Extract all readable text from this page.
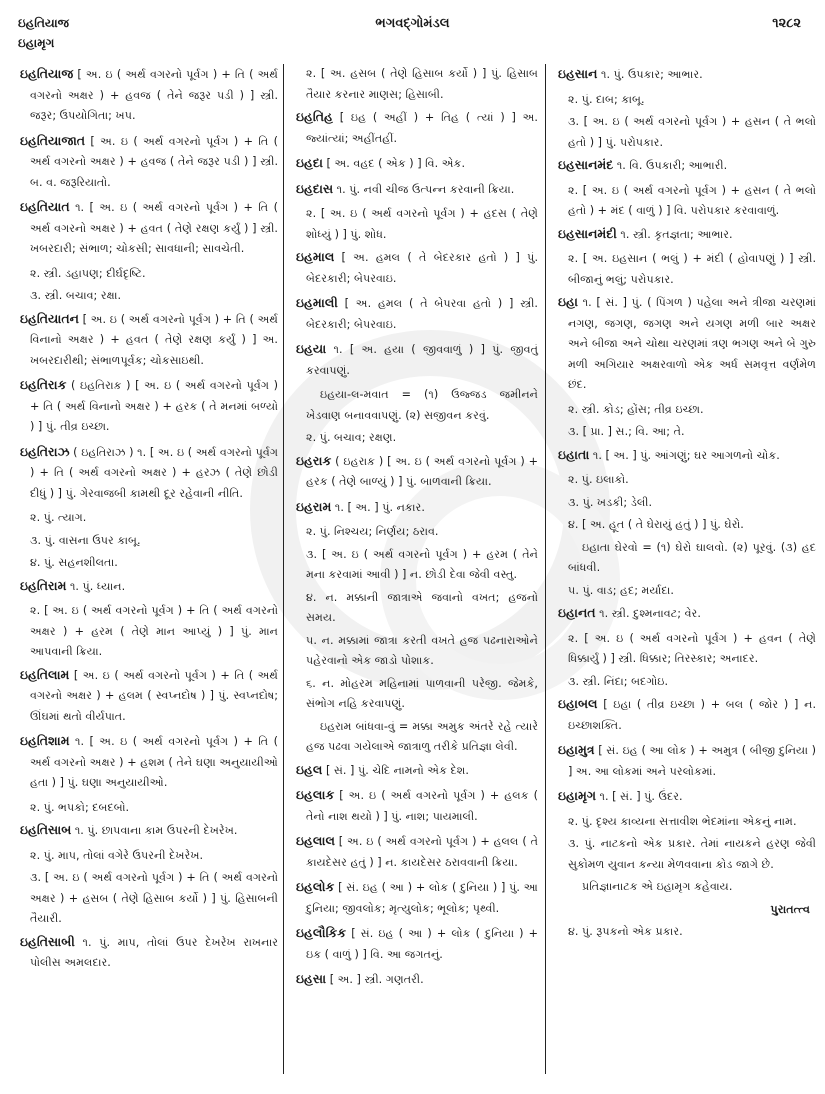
ઇહતિયાજ
ઇહામૃગ
ભગવદ્ગોમંડલ	૧૨૮૨
ઇહતિયાજ [ અ. ઇ ( અર્થ વગરનો પૂર્વગ ) + તિ ( અર્થ વગરનો અક્ષર ) + હવજ ( તેને જરૂર પડી ) ] સ્ત્રી. જરૂર; ઉપયોગિતા; ખપ.
ઇહતિયાજાત [ અ. ઇ ( અર્થ વગરનો પૂર્વગ ) + તિ ( અર્થ વગરનો અક્ષર ) + હવજ ( તેને જરૂર પડી ) ] સ્ત્રી. બ. વ. જરૂરિયાતો.
ઇહતિયાત ૧. [ અ. ઇ ( અર્થ વગરનો પૂર્વગ ) + તિ ( અર્થ વગરનો અક્ષર ) + હવત ( તેણે રક્ષણ કર્યું ) ] સ્ત્રી. ખબરદારી; સંભાળ; ચોકસી; સાવધાની; સાવચેતી.
૨. સ્ત્રી. ડહાપણ; દીર્ઘદૃષ્ટિ.
૩. સ્ત્રી. બચાવ; રક્ષા.
ઇહતિયાતન [ અ. ઇ ( અર્થ વગરનો પૂર્વગ ) + તિ ( અર્થ વિનાનો અક્ષર ) + હવત ( તેણે રક્ષણ કર્યું ) ] અ. ખબરદારીથી; સંભાળપૂર્વક; ચોકસાઇથી.
ઇહતિરાક ( ઇહતિરાક઼ ) [ અ. ઇ ( અર્થ વગરનો પૂર્વગ ) + તિ ( અર્થ વિનાનો અક્ષર ) + હરક ( તે મનમાં બળ્યો ) ] પું. તીવ્ર ઇચ્છા.
ઇહતિરાઝ ( ઇહતિરાઝ ) ૧. [ અ. ઇ ( અર્થ વગરનો પૂર્વગ ) + તિ ( અર્થ વગરનો અક્ષર ) + હરઝ ( તેણે છોડી દીધું ) ] પું. ગેરવાજબી કામથી દૂર રહેવાની નીતિ.
૨. પું. ત્યાગ.
૩. પું. વાસના ઉપર કાબૂ.
૪. પું. સહનશીલતા.
ઇહતિરામ ૧. પું. ધ્યાન.
૨. [ અ. ઇ ( અર્થ વગરનો પૂર્વગ ) + તિ ( અર્થ વગરનો અક્ષર ) + હરમ ( તેણે માન આપ્યું ) ] પું. માન આપવાની ક્રિયા.
ઇહતિલામ [ અ. ઇ ( અર્થ વગરનો પૂર્વગ ) + તિ ( અર્થ વગરનો અક્ષર ) + હલમ ( સ્વપ્નદોષ ) ] પું. સ્વપ્નદોષ; ઊંઘમાં થતો વીર્યપાત.
ઇહતિશામ ૧. [ અ. ઇ ( અર્થ વગરનો પૂર્વગ ) + તિ ( અર્થ વગરનો અક્ષર ) + હશમ ( તેને ઘણા અનુયાયીઓ હતા ) ] પું. ઘણા અનુયાયીઓ.
૨. પું. ભપકો; દબદબો.
ઇહતિસાબ ૧. પું. છાપવાના કામ ઉપરની દેખરેખ.
૨. પું. માપ, તોલાં વગેરે ઉપરની દેખરેખ.
૩. [ અ. ઇ ( અર્થ વગરનો પૂર્વગ ) + તિ ( અર્થ વગરનો અક્ષર ) + હસબ ( તેણે હિસાબ કર્યો ) ] પું. હિસાબની તૈયારી.
ઇહતિસાબી ૧. પું. માપ, તોલાં ઉપર દેખરેખ રાખનાર પોલીસ અમલદાર.
૨. [ અ. હસબ ( તેણે હિસાબ કર્યો ) ] પું. હિસાબ તૈયાર કરનાર માણસ; હિસાબી.
ઇહતિહ [ ઇહ ( અહીં ) + તિહ ( ત્યાં ) ] અ. જ્યાંત્યાં; અહીંતહીં.
ઇહદા [ અ. વહદ ( એક ) ] વિ. એક.
ઇહદાસ ૧. પું. નવી ચીજ ઉત્પન્ન કરવાની ક્રિયા.
૨. [ અ. ઇ ( અર્થ વગરનો પૂર્વગ ) + હદસ ( તેણે શોધ્યું ) ] પું. શોધ.
ઇહમાલ [ અ. હમલ ( તે બેદરકાર હતો ) ] પું. બેદરકારી; બેપરવાઇ.
ઇહમાલી [ અ. હમલ ( તે બેપરવા હતો ) ] સ્ત્રી. બેદરકારી; બેપરવાઇ.
ઇહયા ૧. [ અ. હયા ( જીવવાળું ) ] પું. જીવતું કરવાપણું.
ઇહયા-લ-મવાત = (૧) ઉજ્જડ જમીનને ખેડવાણ બનાવવાપણું. (૨) સજીવન કરવું.
૨. પું. બચાવ; રક્ષણ.
ઇહરાક ( ઇહરાક઼ ) [ અ. ઇ ( અર્થ વગરનો પૂર્વગ ) + હરક ( તેણે બાળ્યું ) ] પું. બાળવાની ક્રિયા.
ઇહરામ ૧. [ અ. ] પું. નકાર.
૨. પું. નિશ્ચય; નિર્ણય; ઠરાવ.
૩. [ અ. ઇ ( અર્થ વગરનો પૂર્વગ ) + હરમ ( તેને મના કરવામાં આવી ) ] ન. છોડી દેવા જેવી વસ્તુ.
૪. ન. મક્કાની જાત્રાએ જવાનો વખત; હજનો સમય.
૫. ન. મક્કામાં જાત્રા કરતી વખતે હજ પઢનારાઓને પહેરવાનો એક જાડો પોશાક.
૬. ન. મોહરમ મહિનામાં પાળવાની પરેજી. જેમકે, સંભોગ નહિ કરવાપણું.
ઇહરામ બાંધવા-વું = મક્કા અમુક અંતરે રહે ત્યારે હજ પઢવા ગયેલાએ જાત્રાળુ તરીકે પ્રતિજ્ઞા લેવી.
ઇહલ [ સં. ] પું. ચેદિ નામનો એક દેશ.
ઇહલાક [ અ. ઇ ( અર્થ વગરનો પૂર્વગ ) + હલક ( તેનો નાશ થયો ) ] પું. નાશ; પાયમાલી.
ઇહલાલ [ અ. ઇ ( અર્થ વગરનો પૂર્વગ ) + હલલ ( તે કાયદેસર હતું ) ] ન. કાયદેસર ઠરાવવાની ક્રિયા.
ઇહલોક [ સં. ઇહ ( આ ) + લોક ( દુનિયા ) ] પું. આ દુનિયા; જીવલોક; મૃત્યુલોક; ભૂલોક; પૃથ્વી.
ઇહલૌકિક [ સં. ઇહ ( આ ) + લોક ( દુનિયા ) + ઇક ( વાળું ) ] વિ. આ જગતનું.
ઇહસા [ અ. ] સ્ત્રી. ગણતરી.
ઇહસાન ૧. પું. ઉપકાર; આભાર.
૨. પું. દાબ; કાબૂ.
૩. [ અ. ઇ ( અર્થ વગરનો પૂર્વગ ) + હસન ( તે ભલો હતો ) ] પું. પરોપકાર.
ઇહસાનમંદ ૧. વિ. ઉપકારી; આભારી.
૨. [ અ. ઇ ( અર્થ વગરનો પૂર્વગ ) + હસન ( તે ભલો હતો ) + મંદ ( વાળું ) ] વિ. પરોપકાર કરવાવાળું.
ઇહસાનમંદી ૧. સ્ત્રી. કૃતજ્ઞતા; આભાર.
૨. [ અ. ઇહસાન ( ભલું ) + મંદી ( હોવાપણું ) ] સ્ત્રી. બીજાનું ભલું; પરોપકાર.
ઇહા ૧. [ સં. ] પું. ( પિંગળ ) પહેલા અને ત્રીજા ચરણમાં નગણ, જગણ, જગણ અને યગણ મળી બાર અક્ષર અને બીજા અને ચોથા ચરણમાં ત્રણ ભગણ અને બે ગુરુ મળી અગિયાર અક્ષરવાળો એક અર્ધ સમવૃત્ત વર્ણમેળ છંદ.
૨. સ્ત્રી. કોડ; હોંસ; તીવ્ર ઇચ્છા.
૩. [ પ્રા. ] સ.; વિ. આ; તે.
ઇહાતા ૧. [ અ. ] પું. આંગણું; ઘર આગળનો ચોક.
૨. પું. ઇલાકો.
૩. પું. ખડકી; ડેલી.
૪. [ અ. હૂત ( તે ઘેરાયું હતું ) ] પું. ઘેરો.
ઇહાતા ઘેરવો = (૧) ઘેરો ઘાલવો. (૨) પૂરવું. (૩) હદ બાંધવી.
૫. પું. વાડ; હદ; મર્યાદા.
ઇહાનત ૧. સ્ત્રી. દુશ્મનાવટ; વેર.
૨. [ અ. ઇ ( અર્થ વગરનો પૂર્વગ ) + હવન ( તેણે ધિક્કાર્યું ) ] સ્ત્રી. ધિક્કાર; તિરસ્કાર; અનાદર.
૩. સ્ત્રી. નિંદા; બદગોઇ.
ઇહાબલ [ ઇહા ( તીવ્ર ઇચ્છા ) + બલ ( જોર ) ] ન. ઇચ્છાશક્તિ.
ઇહામુત્ર [ સં. ઇહ ( આ લોક ) + અમુત્ર ( બીજી દુનિયા ) ] અ. આ લોકમાં અને પરલોકમાં.
ઇહામૃગ ૧. [ સં. ] પું. ઉંદર.
૨. પું. દૃશ્ય કાવ્યના સત્તાવીશ ભેદમાંના એકનું નામ.
૩. પું. નાટકનો એક પ્રકાર. તેમાં નાયકને હરણ જેવી સુકોમળ યુવાન કન્યા મેળવવાના કોડ જાગે છે.
પ્રતિજ્ઞાનાટક એ ઇહામૃગ કહેવાય.
પુરાતત્ત્વ
૪. પું. રૂપકનો એક પ્રકાર.
